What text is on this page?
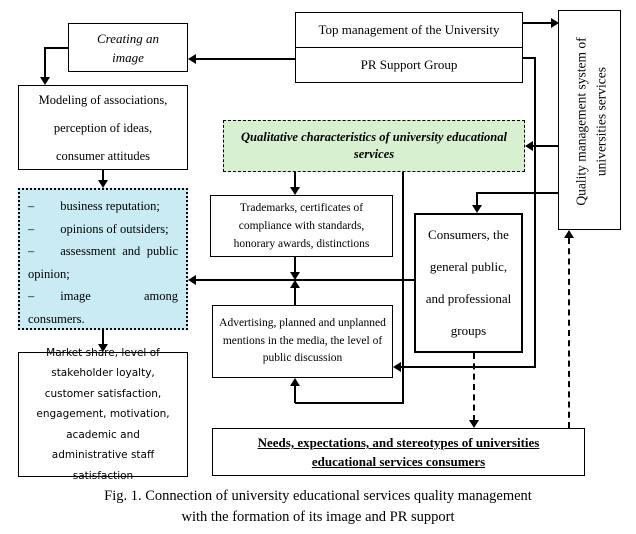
Top management of the University
PR Support Group	Quality management system of universities services
Creating an
image
Modeling of associations,
perception of ideas,
consumer attitudes

– business reputation;

– opinions of outsiders;

– assessment and public opinion;

– image among consumers.

Market share, level of stakeholder loyalty, customer satisfaction, engagement, motivation, academic and administrative staff satisfaction
Qualitative characteristics of university educational services
Trademarks, certificates of compliance with standards, honorary awards, distinctions
Consumers, the
general public,
and professional
groups
Advertising, planned and unplanned mentions in the media, the level of public discussion
Needs, expectations, and stereotypes of universities educational services consumers
Fig. 1. Connection of university educational services quality management
with the formation of its image and PR support
